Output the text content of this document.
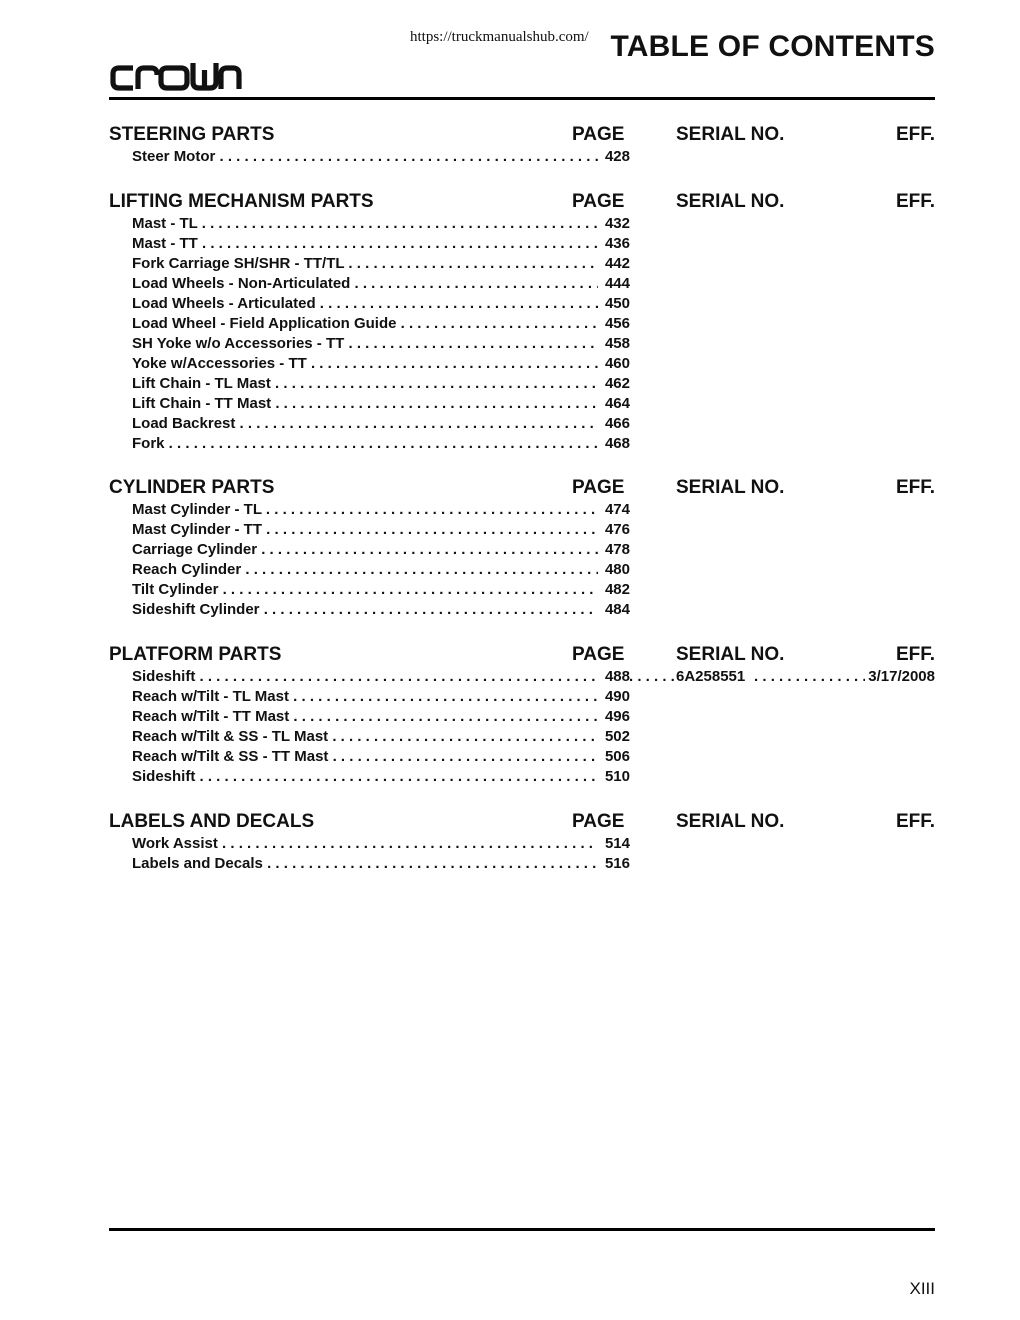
https://truckmanualshub.com/ TABLE OF CONTENTS
STEERING PARTS	PAGE	SERIAL NO.	EFF.
Steer Motor . . .	428
LIFTING MECHANISM PARTS	PAGE	SERIAL NO.	EFF.
Mast - TL . . .	432
Mast - TT . . .	436
Fork Carriage SH/SHR - TT/TL . . .	442
Load Wheels - Non-Articulated . . .	444
Load Wheels - Articulated . . .	450
Load Wheel - Field Application Guide . . .	456
SH Yoke w/o Accessories - TT . . .	458
Yoke w/Accessories - TT . . .	460
Lift Chain - TL Mast . . .	462
Lift Chain - TT Mast . . .	464
Load Backrest . . .	466
Fork . . .	468
CYLINDER PARTS	PAGE	SERIAL NO.	EFF.
Mast Cylinder - TL . . .	474
Mast Cylinder - TT . . .	476
Carriage Cylinder . . .	478
Reach Cylinder . . .	480
Tilt Cylinder . . .	482
Sideshift Cylinder . . .	484
PLATFORM PARTS	PAGE	SERIAL NO.	EFF.
Sideshift . . .	488 . . .	6A258551	3/17/2008
Reach w/Tilt - TL Mast . . .	490
Reach w/Tilt - TT Mast . . .	496
Reach w/Tilt & SS - TL Mast . . .	502
Reach w/Tilt & SS - TT Mast . . .	506
Sideshift . . .	510
LABELS AND DECALS	PAGE	SERIAL NO.	EFF.
Work Assist . . .	514
Labels and Decals . . .	516
XIII
